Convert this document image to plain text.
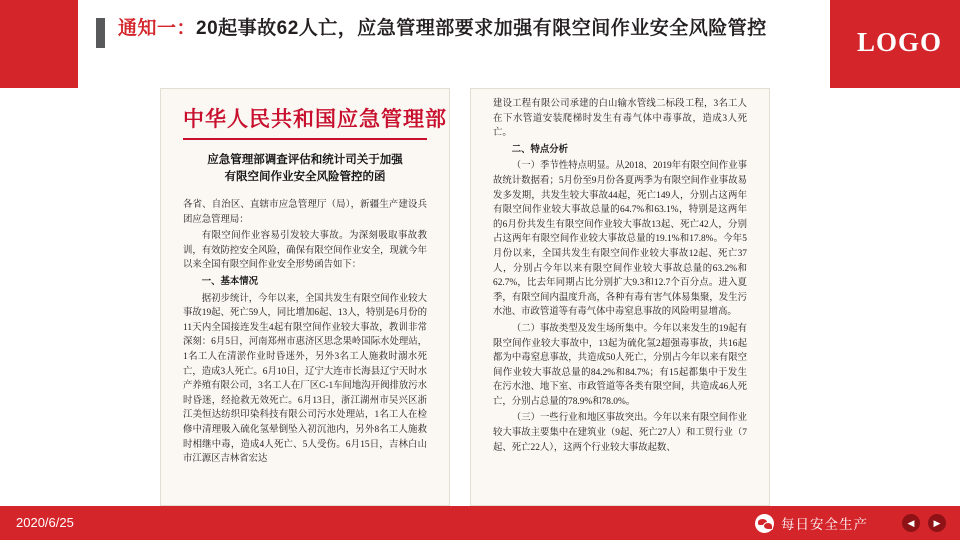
通知一：20起事故62人亡，应急管理部要求加强有限空间作业安全风险管控	LOGO
中华人民共和国应急管理部
应急管理部调查评估和统计司关于加强
有限空间作业安全风险管控的函

各省、自治区、直辖市应急管理厅（局），新疆生产建设兵团应急管理局：

有限空间作业容易引发较大事故。为深刻吸取事故教训，有效防控安全风险，确保有限空间作业安全，现就今年以来全国有限空间作业安全形势函告如下：

一、基本情况

据初步统计，今年以来，全国共发生有限空间作业较大事故19起、死亡59人，同比增加6起、13人，特别是6月份的11天内全国接连发生4起有限空间作业较大事故，教训非常深刻：6月5日，河南郑州市惠济区思念果岭国际水处理站，1名工人在清淤作业时昏迷外，另外3名工人施救时溺水死亡，造成3人死亡。6月10日，辽宁大连市长海县辽宁天时水产养殖有限公司，3名工人在厂区C-1车间地沟开阀排放污水时昏迷，经抢救无效死亡。6月13日，浙江湖州市吴兴区浙江美恒达纺织印染科技有限公司污水处理站，1名工人在检修中清理吸入硫化氢晕倒坠入初沉池内，另外8名工人施救时相继中毒，造成4人死亡、5人受伤。6月15日，吉林白山市江源区吉林省宏达

建设工程有限公司承建的白山输水管线二标段工程，3名工人在下水管道安装爬梯时发生有毒气体中毒事故，造成3人死亡。

二、特点分析

（一）季节性特点明显。从2018、2019年有限空间作业事故统计数据看；5月份至9月份各夏两季为有限空间作业事故易发多发期，共发生较大事故44起，死亡149人，分别占这两年有限空间作业较大事故总量的64.7%和63.1%，特别是这两年的6月份共发生有限空间作业较大事故13起、死亡42人，分别占这两年有限空间作业较大事故总量的19.1%和17.8%。今年5月份以来，全国共发生有限空间作业较大事故12起、死亡37人，分别占今年以来有限空间作业较大事故总量的63.2%和62.7%，比去年同期占比分别扩大9.3和12.7个百分点。进入夏季，有限空间内温度升高，各种有毒有害气体易集聚，发生污水池、市政管道等有毒气体中毒窒息事故的风险明显增高。

（二）事故类型及发生场所集中。今年以来发生的19起有限空间作业较大事故中，13起为硫化氢2超强毒事故，共16起都为中毒窒息事故，共造成50人死亡，分别占今年以来有限空间作业较大事故总量的84.2%和84.7%；有15起都集中于发生在污水池、地下室、市政管道等各类有限空间，共造成46人死亡，分别占总量的78.9%和78.0%。

（三）一些行业和地区事故突出。今年以来有限空间作业较大事故主要集中在建筑业（9起、死亡27人）和工贸行业（7起、死亡22人），这两个行业较大事故起数、

2020/6/25	每日安全生产	◀	▶
